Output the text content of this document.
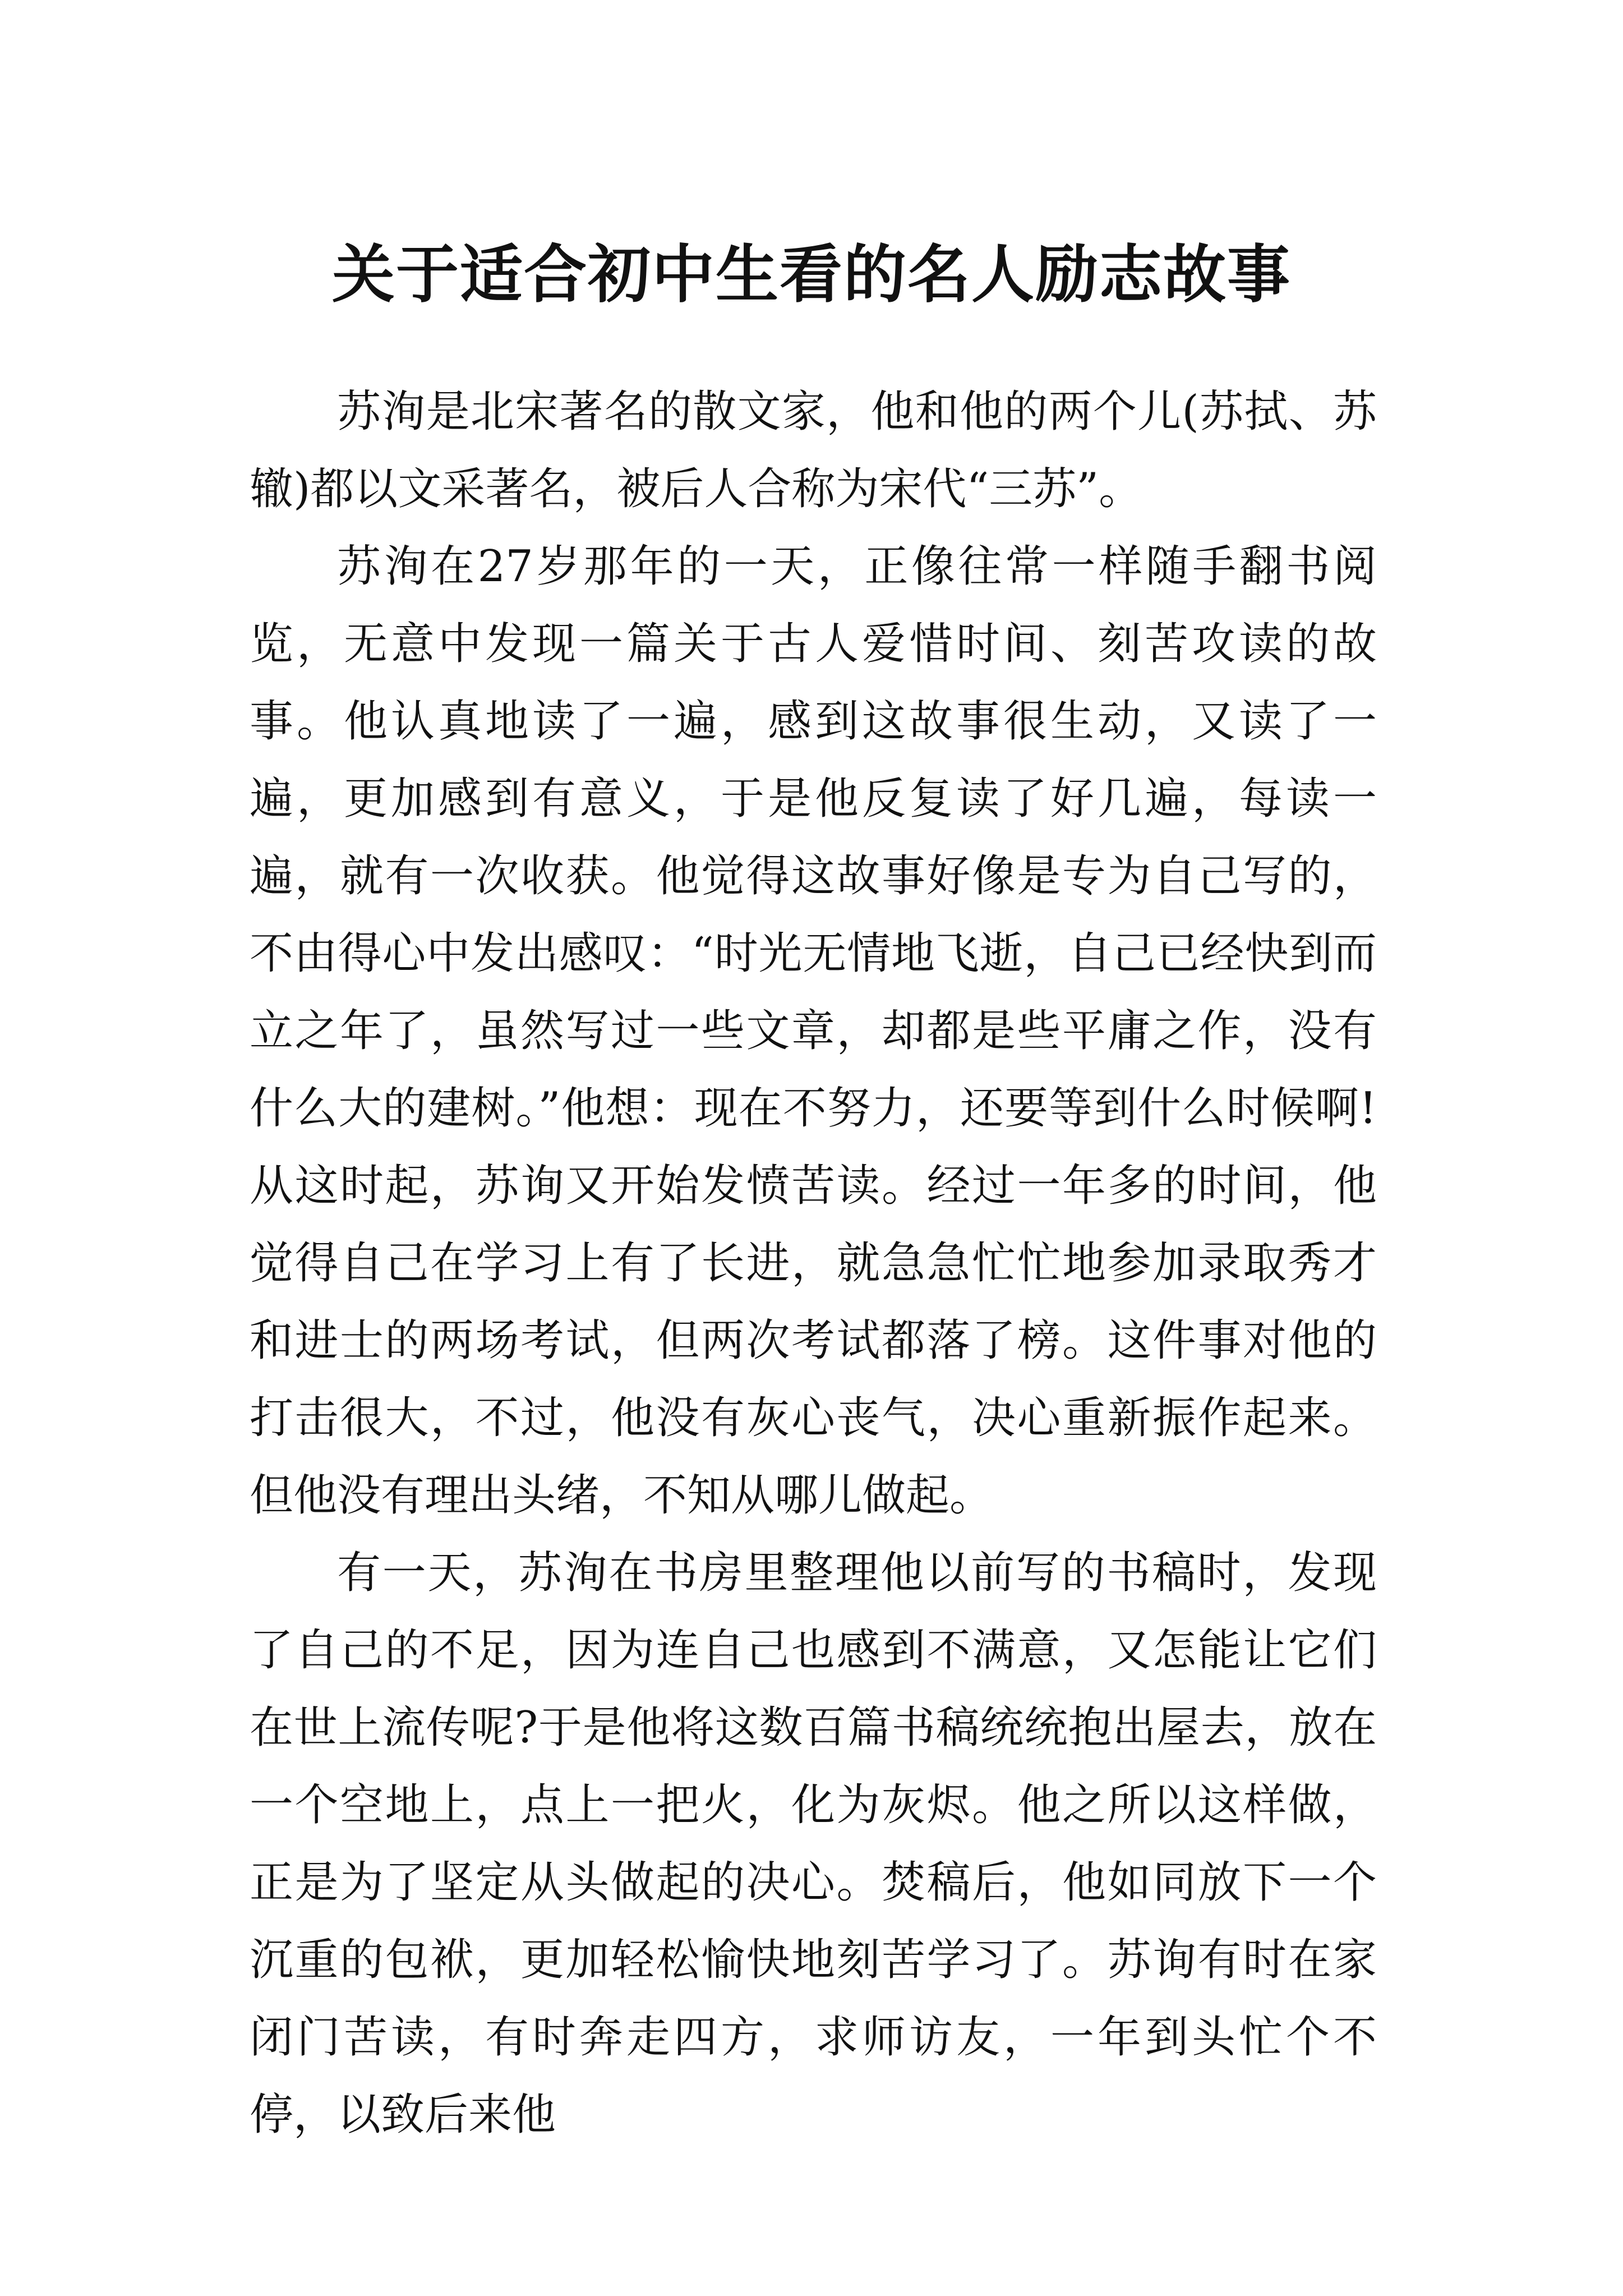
关于适合初中生看的名人励志故事

苏洵是北宋著名的散文家，他和他的两个儿(苏拭、苏辙)都以文采著名，被后人合称为宋代“三苏”。

苏洵在27岁那年的一天，正像往常一样随手翻书阅览，无意中发现一篇关于古人爱惜时间、刻苦攻读的故事。他认真地读了一遍，感到这故事很生动，又读了一遍，更加感到有意义，于是他反复读了好几遍，每读一遍，就有一次收获。他觉得这故事好像是专为自己写的，不由得心中发出感叹：“时光无情地飞逝，自己已经快到而立之年了，虽然写过一些文章，却都是些平庸之作，没有什么大的建树。”他想：现在不努力，还要等到什么时候啊!从这时起，苏询又开始发愤苦读。经过一年多的时间，他觉得自己在学习上有了长进，就急急忙忙地参加录取秀才和进士的两场考试，但两次考试都落了榜。这件事对他的打击很大，不过，他没有灰心丧气，决心重新振作起来。但他没有理出头绪，不知从哪儿做起。

有一天，苏洵在书房里整理他以前写的书稿时，发现了自己的不足，因为连自己也感到不满意，又怎能让它们在世上流传呢?于是他将这数百篇书稿统统抱出屋去，放在一个空地上，点上一把火，化为灰烬。他之所以这样做，正是为了坚定从头做起的决心。焚稿后，他如同放下一个沉重的包袱，更加轻松愉快地刻苦学习了。苏询有时在家闭门苦读，有时奔走四方，求师访友，一年到头忙个不停，以致后来他
